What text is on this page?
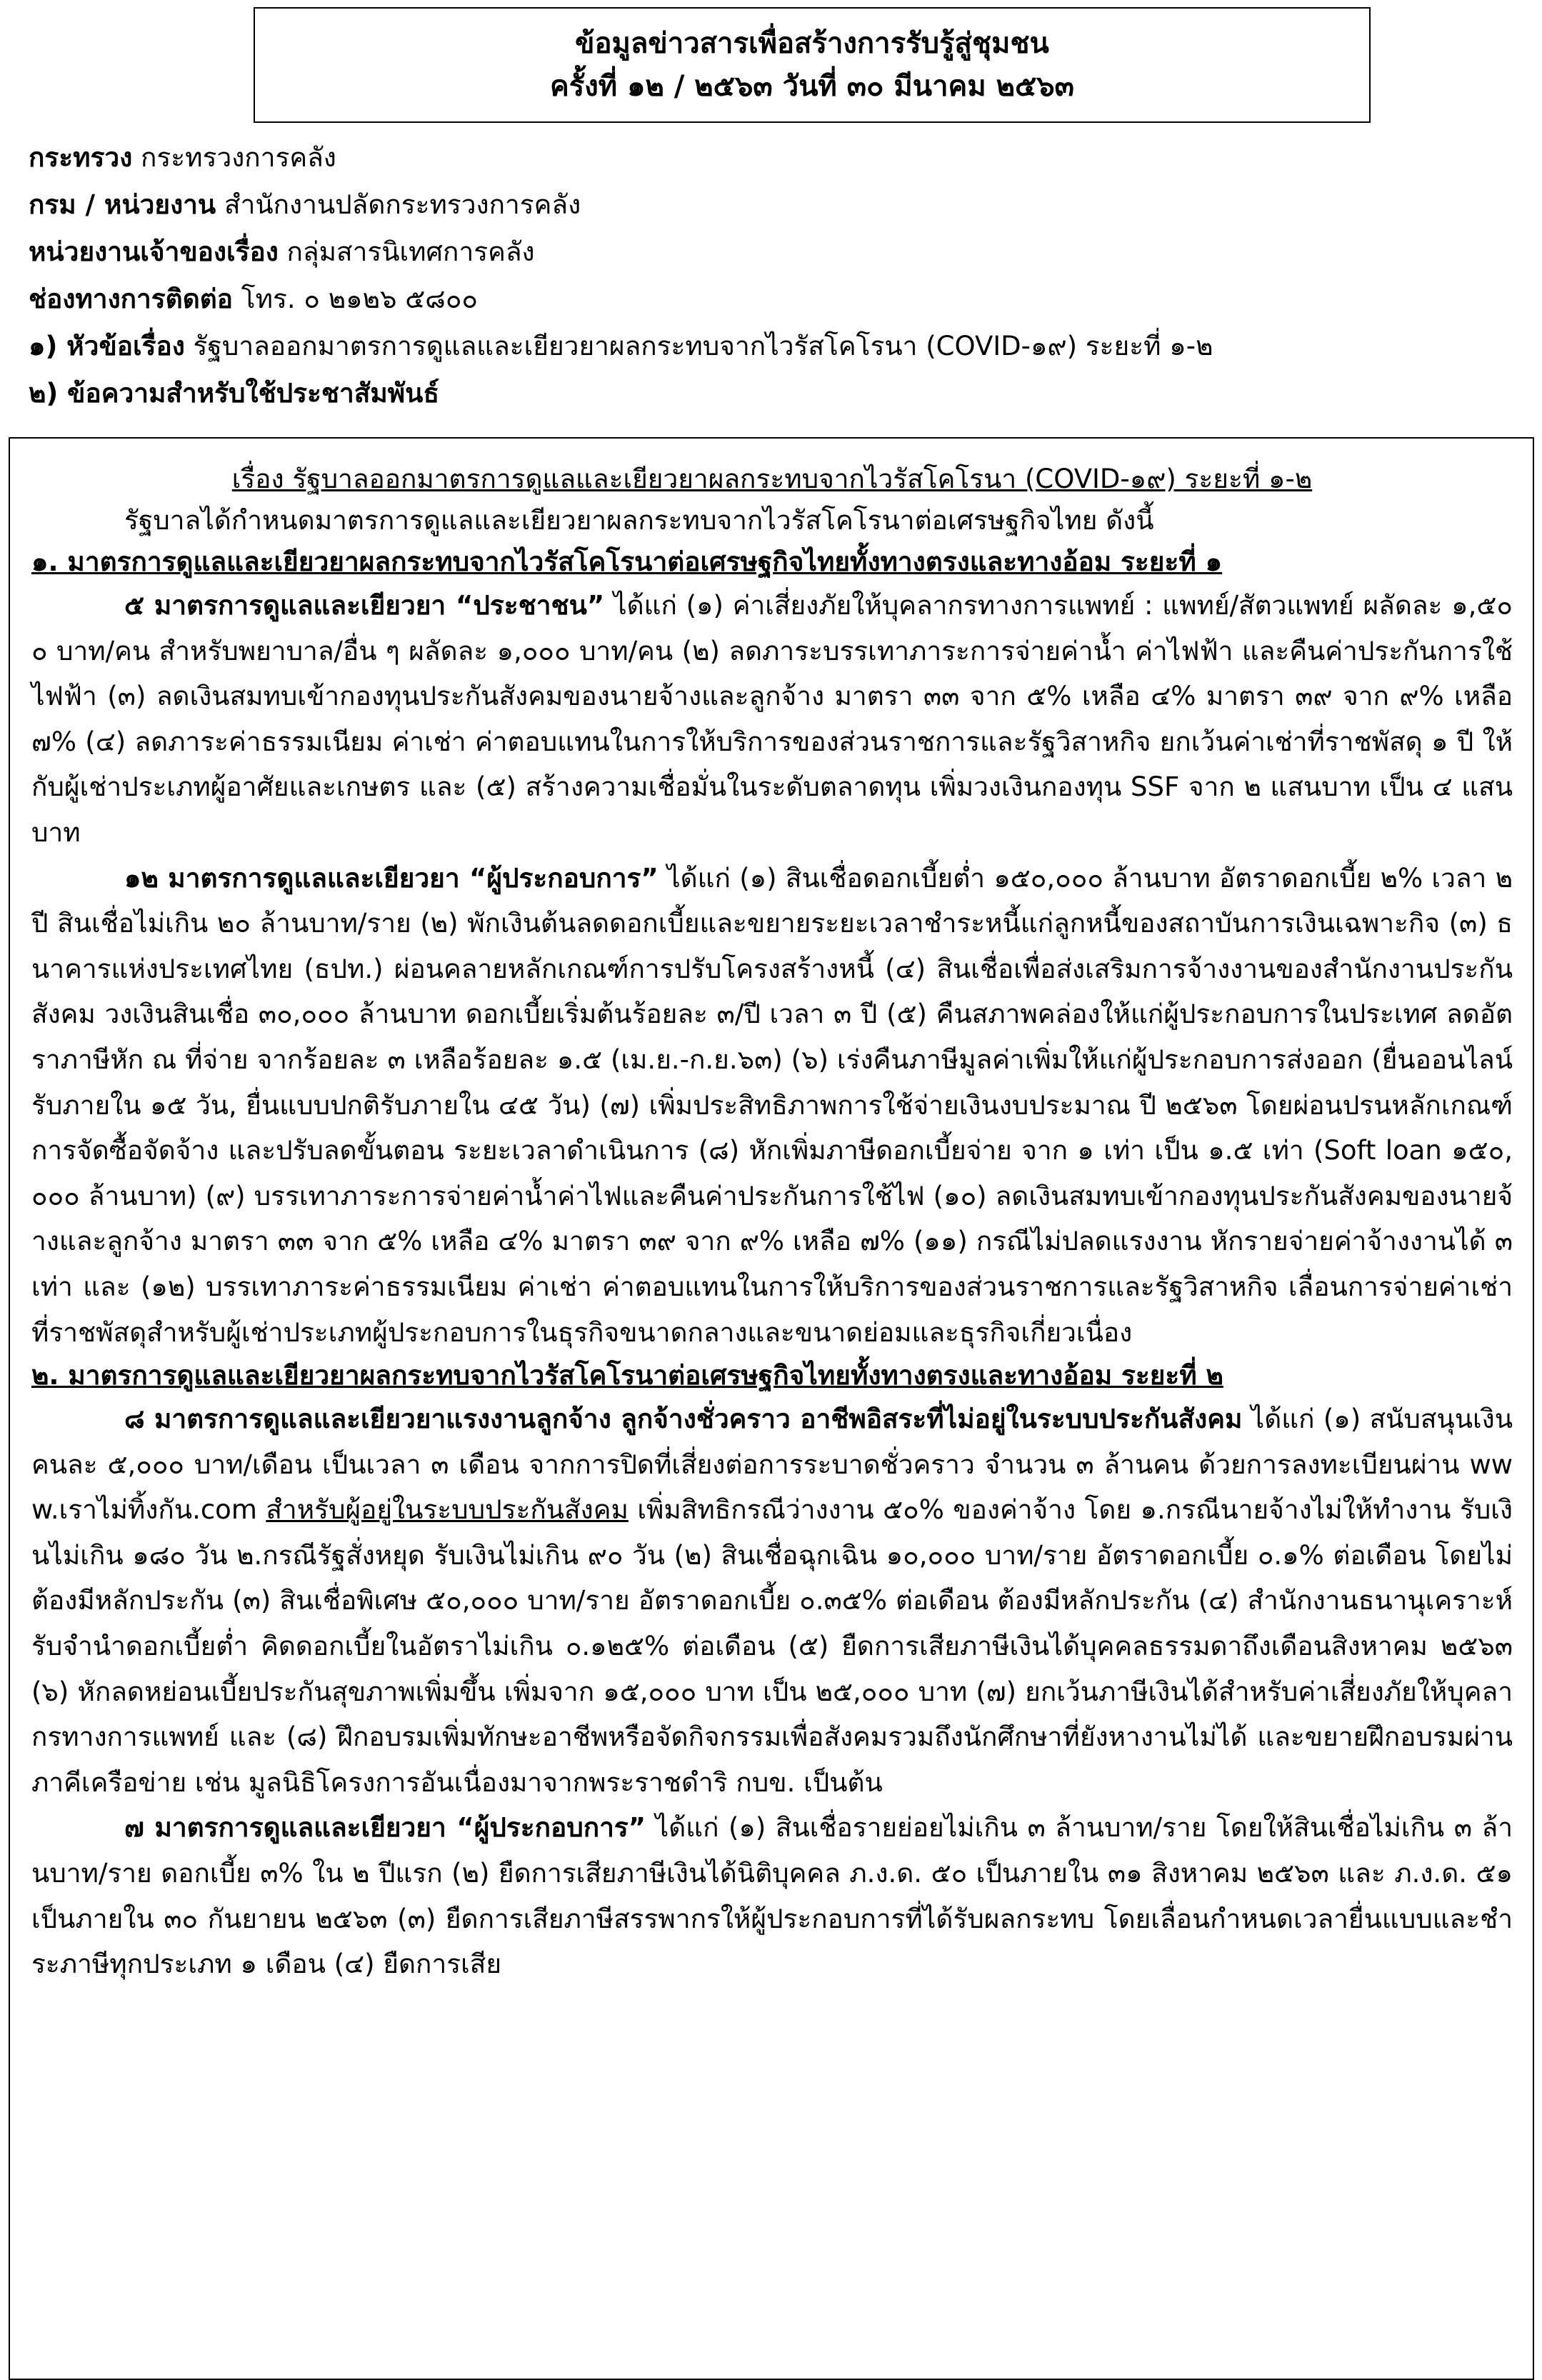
ข้อมูลข่าวสารเพื่อสร้างการรับรู้สู่ชุมชน
ครั้งที่ ๑๒ / ๒๕๖๓ วันที่ ๓๐ มีนาคม ๒๕๖๓
กระทรวง กระทรวงการคลัง
กรม / หน่วยงาน สำนักงานปลัดกระทรวงการคลัง
หน่วยงานเจ้าของเรื่อง กลุ่มสารนิเทศการคลัง
ช่องทางการติดต่อ โทร. ๐ ๒๑๒๖ ๕๘๐๐
๑) หัวข้อเรื่อง รัฐบาลออกมาตรการดูแลและเยียวยาผลกระทบจากไวรัสโคโรนา (COVID-๑๙) ระยะที่ ๑-๒
๒) ข้อความสำหรับใช้ประชาสัมพันธ์
เรื่อง รัฐบาลออกมาตรการดูแลและเยียวยาผลกระทบจากไวรัสโคโรนา (COVID-๑๙) ระยะที่ ๑-๒
รัฐบาลได้กำหนดมาตรการดูแลและเยียวยาผลกระทบจากไวรัสโคโรนาต่อเศรษฐกิจไทย ดังนี้
๑. มาตรการดูแลและเยียวยาผลกระทบจากไวรัสโคโรนาต่อเศรษฐกิจไทยทั้งทางตรงและทางอ้อม ระยะที่ ๑

๕ มาตรการดูแลและเยียวยา “ประชาชน” ได้แก่ (๑) ค่าเสี่ยงภัยให้บุคลากรทางการแพทย์ : แพทย์/สัตวแพทย์ ผลัดละ ๑,๕๐๐ บาท/คน สำหรับพยาบาล/อื่น ๆ ผลัดละ ๑,๐๐๐ บาท/คน (๒) ลดภาระบรรเทาภาระการจ่ายค่าน้ำ ค่าไฟฟ้า และคืนค่าประกันการใช้ไฟฟ้า (๓) ลดเงินสมทบเข้ากองทุนประกันสังคมของนายจ้างและลูกจ้าง มาตรา ๓๓ จาก ๕% เหลือ ๔% มาตรา ๓๙ จาก ๙% เหลือ ๗% (๔) ลดภาระค่าธรรมเนียม ค่าเช่า ค่าตอบแทนในการให้บริการของส่วนราชการและรัฐวิสาหกิจ ยกเว้นค่าเช่าที่ราชพัสดุ ๑ ปี ให้กับผู้เช่าประเภทผู้อาศัยและเกษตร และ (๕) สร้างความเชื่อมั่นในระดับตลาดทุน เพิ่มวงเงินกองทุน SSF จาก ๒ แสนบาท เป็น ๔ แสนบาท

๑๒ มาตรการดูแลและเยียวยา “ผู้ประกอบการ” ได้แก่ (๑) สินเชื่อดอกเบี้ยต่ำ ๑๕๐,๐๐๐ ล้านบาท อัตราดอกเบี้ย ๒% เวลา ๒ ปี สินเชื่อไม่เกิน ๒๐ ล้านบาท/ราย (๒) พักเงินต้นลดดอกเบี้ยและขยายระยะเวลาชำระหนี้แก่ลูกหนี้ของสถาบันการเงินเฉพาะกิจ (๓) ธนาคารแห่งประเทศไทย (ธปท.) ผ่อนคลายหลักเกณฑ์การปรับโครงสร้างหนี้ (๔) สินเชื่อเพื่อส่งเสริมการจ้างงานของสำนักงานประกันสังคม วงเงินสินเชื่อ ๓๐,๐๐๐ ล้านบาท ดอกเบี้ยเริ่มต้นร้อยละ ๓/ปี เวลา ๓ ปี (๕) คืนสภาพคล่องให้แก่ผู้ประกอบการในประเทศ ลดอัตราภาษีหัก ณ ที่จ่าย จากร้อยละ ๓ เหลือร้อยละ ๑.๕ (เม.ย.-ก.ย.๖๓) (๖) เร่งคืนภาษีมูลค่าเพิ่มให้แก่ผู้ประกอบการส่งออก (ยื่นออนไลน์ รับภายใน ๑๕ วัน, ยื่นแบบปกติรับภายใน ๔๕ วัน) (๗) เพิ่มประสิทธิภาพการใช้จ่ายเงินงบประมาณ ปี ๒๕๖๓ โดยผ่อนปรนหลักเกณฑ์การจัดซื้อจัดจ้าง และปรับลดขั้นตอน ระยะเวลาดำเนินการ (๘) หักเพิ่มภาษีดอกเบี้ยจ่าย จาก ๑ เท่า เป็น ๑.๕ เท่า (Soft loan ๑๕๐,๐๐๐ ล้านบาท) (๙) บรรเทาภาระการจ่ายค่าน้ำค่าไฟและคืนค่าประกันการใช้ไฟ (๑๐) ลดเงินสมทบเข้ากองทุนประกันสังคมของนายจ้างและลูกจ้าง มาตรา ๓๓ จาก ๕% เหลือ ๔% มาตรา ๓๙ จาก ๙% เหลือ ๗% (๑๑) กรณีไม่ปลดแรงงาน หักรายจ่ายค่าจ้างงานได้ ๓ เท่า และ (๑๒) บรรเทาภาระค่าธรรมเนียม ค่าเช่า ค่าตอบแทนในการให้บริการของส่วนราชการและรัฐวิสาหกิจ เลื่อนการจ่ายค่าเช่าที่ราชพัสดุสำหรับผู้เช่าประเภทผู้ประกอบการในธุรกิจขนาดกลางและขนาดย่อมและธุรกิจเกี่ยวเนื่อง

๒. มาตรการดูแลและเยียวยาผลกระทบจากไวรัสโคโรนาต่อเศรษฐกิจไทยทั้งทางตรงและทางอ้อม ระยะที่ ๒

๘ มาตรการดูแลและเยียวยาแรงงานลูกจ้าง ลูกจ้างชั่วคราว อาชีพอิสระที่ไม่อยู่ในระบบประกันสังคม ได้แก่ (๑) สนับสนุนเงิน คนละ ๕,๐๐๐ บาท/เดือน เป็นเวลา ๓ เดือน จากการปิดที่เสี่ยงต่อการระบาดชั่วคราว จำนวน ๓ ล้านคน ด้วยการลงทะเบียนผ่าน www.เราไม่ทิ้งกัน.com สำหรับผู้อยู่ในระบบประกันสังคม เพิ่มสิทธิกรณีว่างงาน ๕๐% ของค่าจ้าง โดย ๑.กรณีนายจ้างไม่ให้ทำงาน รับเงินไม่เกิน ๑๘๐ วัน ๒.กรณีรัฐสั่งหยุด รับเงินไม่เกิน ๙๐ วัน (๒) สินเชื่อฉุกเฉิน ๑๐,๐๐๐ บาท/ราย อัตราดอกเบี้ย ๐.๑% ต่อเดือน โดยไม่ต้องมีหลักประกัน (๓) สินเชื่อพิเศษ ๕๐,๐๐๐ บาท/ราย อัตราดอกเบี้ย ๐.๓๕% ต่อเดือน ต้องมีหลักประกัน (๔) สำนักงานธนานุเคราะห์รับจำนำดอกเบี้ยต่ำ คิดดอกเบี้ยในอัตราไม่เกิน ๐.๑๒๕% ต่อเดือน (๕) ยืดการเสียภาษีเงินได้บุคคลธรรมดาถึงเดือนสิงหาคม ๒๕๖๓ (๖) หักลดหย่อนเบี้ยประกันสุขภาพเพิ่มขึ้น เพิ่มจาก ๑๕,๐๐๐ บาท เป็น ๒๕,๐๐๐ บาท (๗) ยกเว้นภาษีเงินได้สำหรับค่าเสี่ยงภัยให้บุคลากรทางการแพทย์ และ (๘) ฝึกอบรมเพิ่มทักษะอาชีพหรือจัดกิจกรรมเพื่อสังคมรวมถึงนักศึกษาที่ยังหางานไม่ได้ และขยายฝึกอบรมผ่านภาคีเครือข่าย เช่น มูลนิธิโครงการอันเนื่องมาจากพระราชดำริ กบข. เป็นต้น

๗ มาตรการดูแลและเยียวยา “ผู้ประกอบการ” ได้แก่ (๑) สินเชื่อรายย่อยไม่เกิน ๓ ล้านบาท/ราย โดยให้สินเชื่อไม่เกิน ๓ ล้านบาท/ราย ดอกเบี้ย ๓% ใน ๒ ปีแรก (๒) ยืดการเสียภาษีเงินได้นิติบุคคล ภ.ง.ด. ๕๐ เป็นภายใน ๓๑ สิงหาคม ๒๕๖๓ และ ภ.ง.ด. ๕๑ เป็นภายใน ๓๐ กันยายน ๒๕๖๓ (๓) ยืดการเสียภาษีสรรพากรให้ผู้ประกอบการที่ได้รับผลกระทบ โดยเลื่อนกำหนดเวลายื่นแบบและชำระภาษีทุกประเภท ๑ เดือน (๔) ยืดการเสีย
